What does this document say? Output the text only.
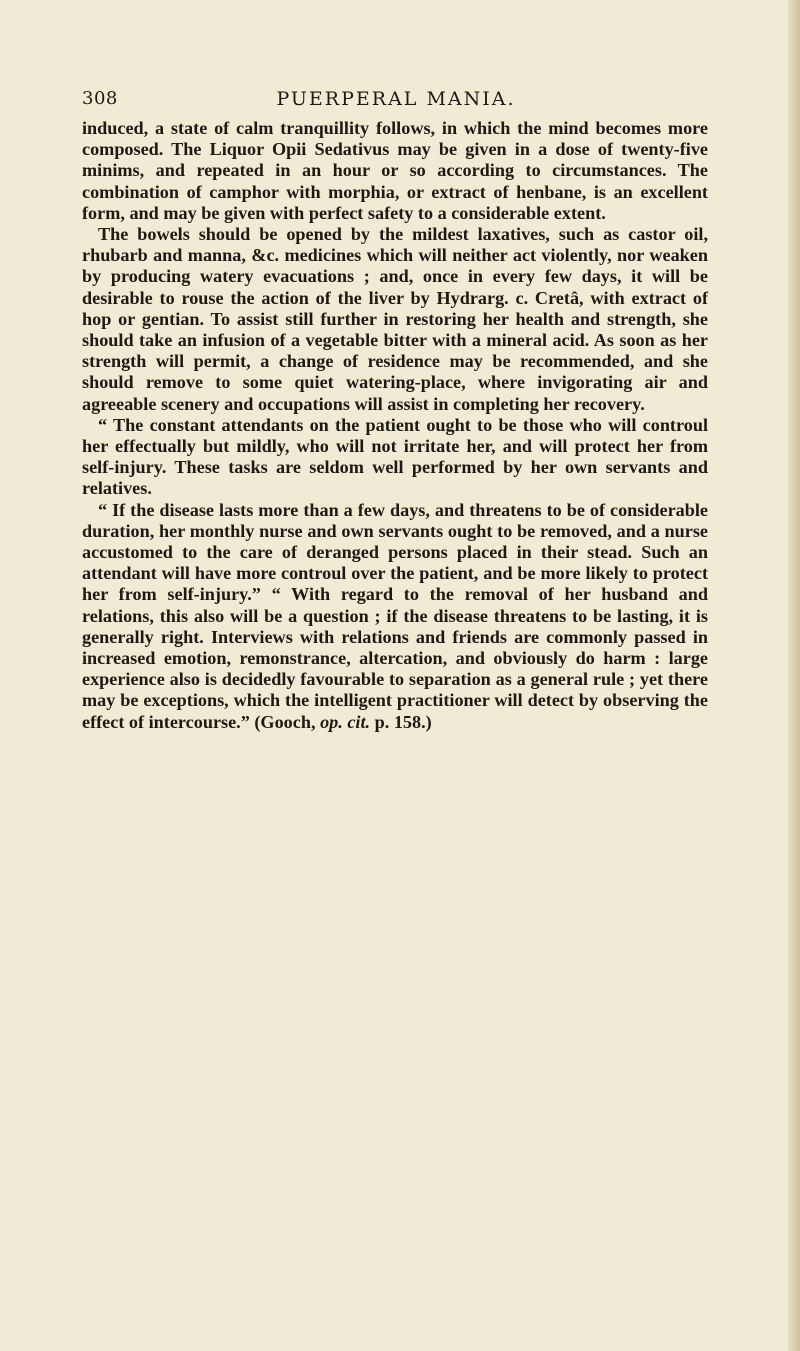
308	PUERPERAL MANIA.

induced, a state of calm tranquillity follows, in which the mind becomes more composed. The Liquor Opii Sedativus may be given in a dose of twenty-five minims, and repeated in an hour or so according to circumstances. The combination of camphor with morphia, or extract of henbane, is an excellent form, and may be given with perfect safety to a considerable extent.

The bowels should be opened by the mildest laxatives, such as castor oil, rhubarb and manna, &c. medicines which will neither act violently, nor weaken by producing watery evacuations ; and, once in every few days, it will be desirable to rouse the action of the liver by Hydrarg. c. Cretâ, with extract of hop or gentian. To assist still further in restoring her health and strength, she should take an infusion of a vegetable bitter with a mineral acid. As soon as her strength will permit, a change of residence may be recommended, and she should remove to some quiet watering-place, where invigorating air and agreeable scenery and occupations will assist in completing her recovery.

“ The constant attendants on the patient ought to be those who will controul her effectually but mildly, who will not irritate her, and will protect her from self-injury. These tasks are seldom well performed by her own servants and relatives.

“ If the disease lasts more than a few days, and threatens to be of considerable duration, her monthly nurse and own servants ought to be removed, and a nurse accustomed to the care of deranged persons placed in their stead. Such an attendant will have more controul over the patient, and be more likely to protect her from self-injury.” “ With regard to the removal of her husband and relations, this also will be a question ; if the disease threatens to be lasting, it is generally right. Interviews with relations and friends are commonly passed in increased emotion, remonstrance, altercation, and obviously do harm : large experience also is decidedly favourable to separation as a general rule ; yet there may be exceptions, which the intelligent practitioner will detect by observing the effect of intercourse.” (Gooch, op. cit. p. 158.)
